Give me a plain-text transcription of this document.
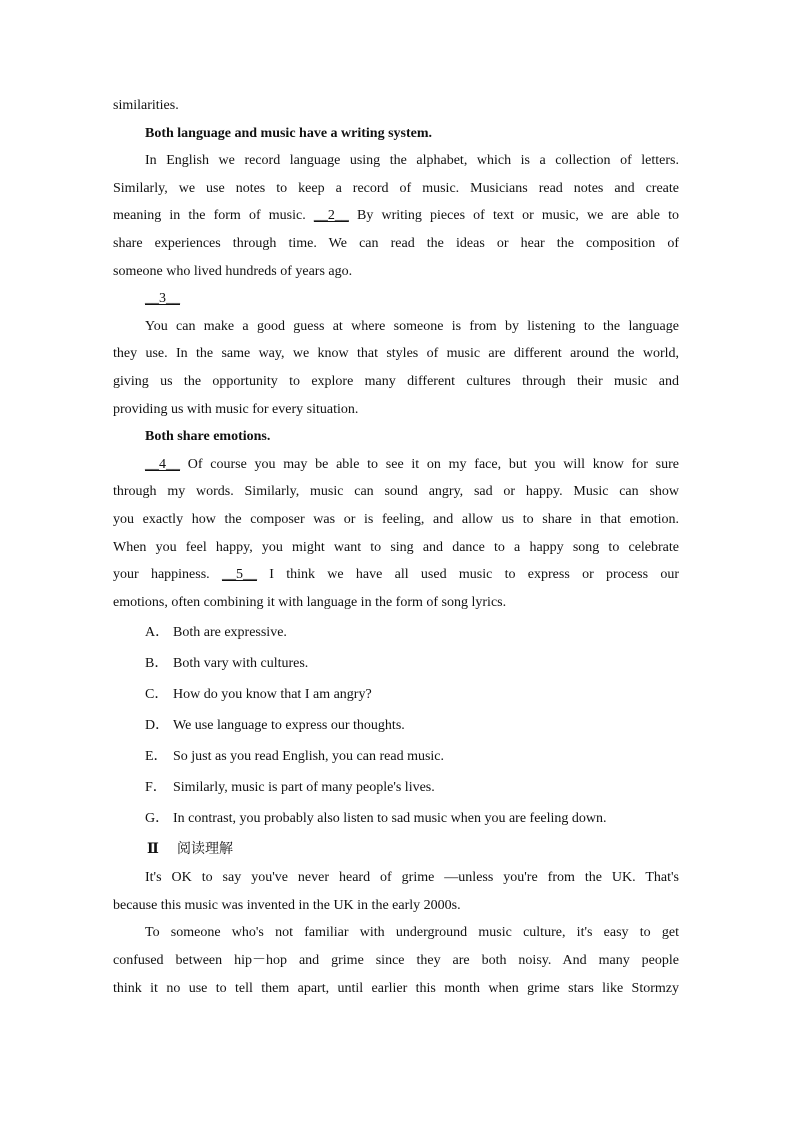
similarities.
Both language and music have a writing system.
In English we record language using the alphabet, which is a collection of letters.
Similarly, we use notes to keep a record of music. Musicians read notes and create
meaning in the form of music. __2__ By writing pieces of text or music, we are able to
share experiences through time. We can read the ideas or hear the composition of
someone who lived hundreds of years ago.
__3__
You can make a good guess at where someone is from by listening to the language
they use. In the same way, we know that styles of music are different around the world,
giving us the opportunity to explore many different cultures through their music and
providing us with music for every situation.
Both share emotions.
__4__ Of course you may be able to see it on my face, but you will know for sure
through my words. Similarly, music can sound angry, sad or happy. Music can show
you exactly how the composer was or is feeling, and allow us to share in that emotion.
When you feel happy, you might want to sing and dance to a happy song to celebrate
your happiness. __5__ I think we have all used music to express or process our
emotions, often combining it with language in the form of song lyrics.
A． Both are expressive.
B． Both vary with cultures.
C． How do you know that I am angry?
D． We use language to express our thoughts.
E． So just as you read English, you can read music.
F． Similarly, music is part of many people's lives.
G． In contrast, you probably also listen to sad music when you are feeling down.
Ⅱ 阅读理解
It's OK to say you've never heard of grime —unless you're from the UK. That's
because this music was invented in the UK in the early 2000s.
To someone who's not familiar with underground music culture, it's easy to get
confused between hip－hop and grime since they are both noisy. And many people
think it no use to tell them apart, until earlier this month when grime stars like Stormzy
